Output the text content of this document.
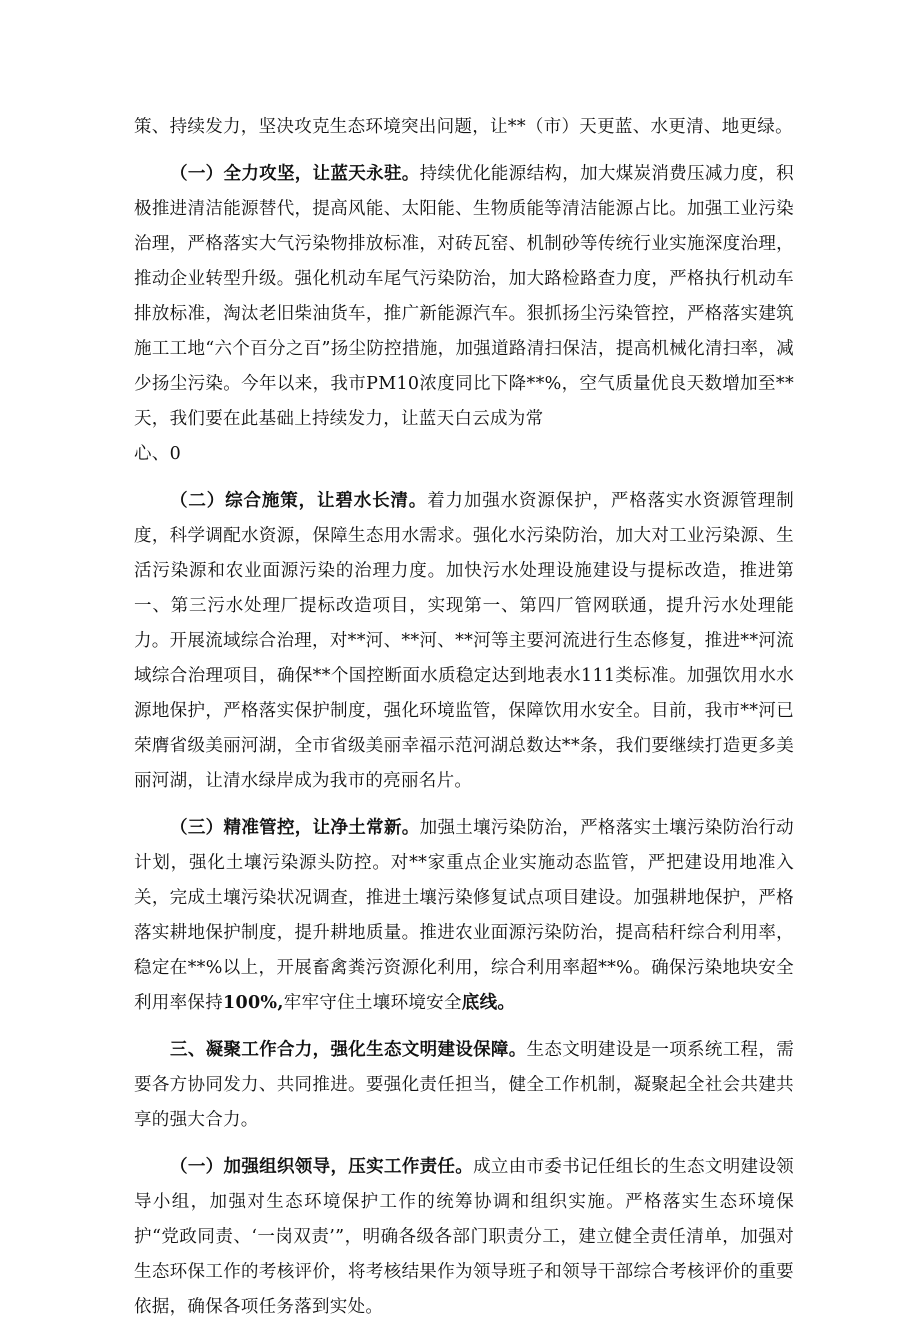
策、持续发力，坚决攻克生态环境突出问题，让**（市）天更蓝、水更清、地更绿。

（一）全力攻坚，让蓝天永驻。持续优化能源结构，加大煤炭消费压减力度，积极推进清洁能源替代，提高风能、太阳能、生物质能等清洁能源占比。加强工业污染治理，严格落实大气污染物排放标准，对砖瓦窑、机制砂等传统行业实施深度治理，推动企业转型升级。强化机动车尾气污染防治，加大路检路查力度，严格执行机动车排放标准，淘汰老旧柴油货车，推广新能源汽车。狠抓扬尘污染管控，严格落实建筑施工工地“六个百分之百”扬尘防控措施，加强道路清扫保洁，提高机械化清扫率，减少扬尘污染。今年以来，我市PM10浓度同比下降**%，空气质量优良天数增加至**天，我们要在此基础上持续发力，让蓝天白云成为常

心、0

（二）综合施策，让碧水长清。着力加强水资源保护，严格落实水资源管理制度，科学调配水资源，保障生态用水需求。强化水污染防治，加大对工业污染源、生活污染源和农业面源污染的治理力度。加快污水处理设施建设与提标改造，推进第一、第三污水处理厂提标改造项目，实现第一、第四厂管网联通，提升污水处理能力。开展流域综合治理，对**河、**河、**河等主要河流进行生态修复，推进**河流域综合治理项目，确保**个国控断面水质稳定达到地表水111类标准。加强饮用水水源地保护，严格落实保护制度，强化环境监管，保障饮用水安全。目前，我市**河已荣膺省级美丽河湖，全市省级美丽幸福示范河湖总数达**条，我们要继续打造更多美丽河湖，让清水绿岸成为我市的亮丽名片。

（三）精准管控，让净土常新。加强土壤污染防治，严格落实土壤污染防治行动计划，强化土壤污染源头防控。对**家重点企业实施动态监管，严把建设用地准入关，完成土壤污染状况调查，推进土壤污染修复试点项目建设。加强耕地保护，严格落实耕地保护制度，提升耕地质量。推进农业面源污染防治，提高秸秆综合利用率，稳定在**%以上，开展畜禽粪污资源化利用，综合利用率超**%。确保污染地块安全利用率保持100%,牢牢守住土壤环境安全底线。

三、凝聚工作合力，强化生态文明建设保障。生态文明建设是一项系统工程，需要各方协同发力、共同推进。要强化责任担当，健全工作机制，凝聚起全社会共建共享的强大合力。

（一）加强组织领导，压实工作责任。成立由市委书记任组长的生态文明建设领导小组，加强对生态环境保护工作的统筹协调和组织实施。严格落实生态环境保护“党政同责、‘一岗双责’”，明确各级各部门职责分工，建立健全责任清单，加强对生态环保工作的考核评价，将考核结果作为领导班子和领导干部综合考核评价的重要依据，确保各项任务落到实处。
